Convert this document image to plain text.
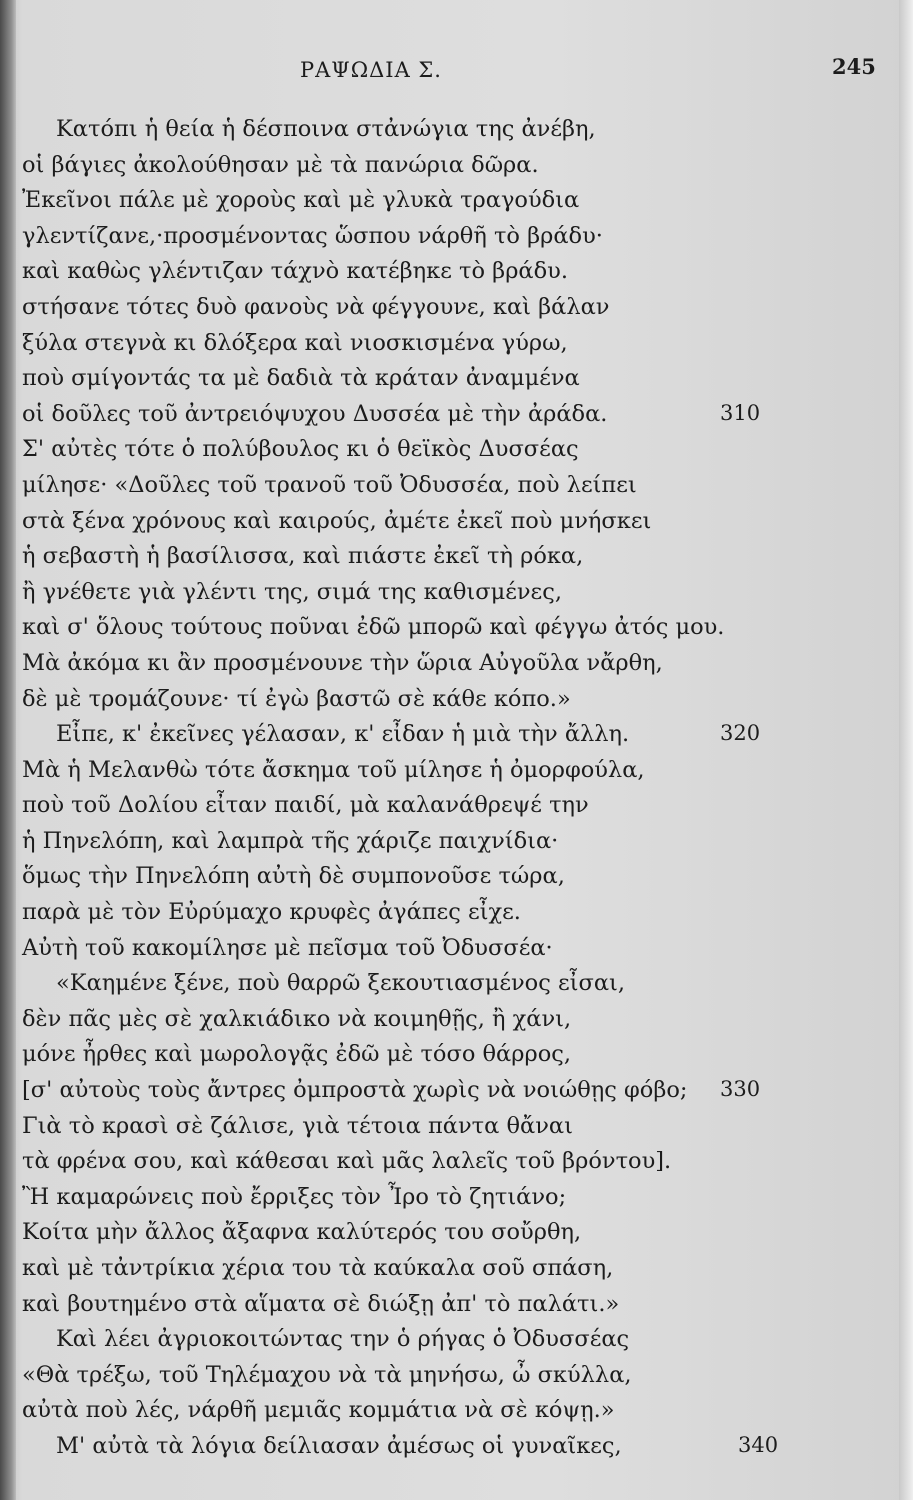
ΡΑΨΩΔΙΑ Σ.	245
Κατόπι ἡ θεία ἡ δέσποινα στἀνώγια της ἀνέβη,
οἱ βάγιες ἀκολούθησαν μὲ τὰ πανώρια δῶρα.
Ἐκεῖνοι πάλε μὲ χοροὺς καὶ μὲ γλυκὰ τραγούδια
γλεντίζανε,·προσμένοντας ὥσπου νάρθῆ τὸ βράδυ·
καὶ καθὼς γλέντιζαν τάχνὸ κατέβηκε τὸ βράδυ.
στήσανε τότες δυὸ φανοὺς νὰ φέγγουνε, καὶ βάλαν
ξύλα στεγνὰ κι δλόξερα καὶ νιοσκισμένα γύρω,
ποὺ σμίγοντάς τα μὲ δαδιὰ τὰ κράταν ἀναμμένα
οἱ δοῦλες τοῦ ἀντρειόψυχου Δυσσέα μὲ τὴν ἀράδα.
Σ' αὐτὲς τότε ὁ πολύβουλος κι ὁ θεϊκὸς Δυσσέας
μίλησε· «Δοῦλες τοῦ τρανοῦ τοῦ Ὀδυσσέα, ποὺ λείπει
στὰ ξένα χρόνους καὶ καιρούς, ἀμέτε ἐκεῖ ποὺ μνήσκει
ἡ σεβαστὴ ἡ βασίλισσα, καὶ πιάστε ἐκεῖ τὴ ρόκα,
ἢ γνέθετε γιὰ γλέντι της, σιμά της καθισμένες,
καὶ σ' ὅλους τούτους ποῦναι ἐδῶ μπορῶ καὶ φέγγω ἀτός μου.
Μὰ ἀκόμα κι ἂν προσμένουνε τὴν ὥρια Αὐγοῦλα νἄρθη,
δὲ μὲ τρομάζουνε· τί ἐγὼ βαστῶ σὲ κάθε κόπο.»
Εἶπε, κ' ἐκεῖνες γέλασαν, κ' εἶδαν ἡ μιὰ τὴν ἄλλη.
Μὰ ἡ Μελανθὼ τότε ἄσκημα τοῦ μίλησε ἡ ὀμορφούλα,
ποὺ τοῦ Δολίου εἶταν παιδί, μὰ καλανάθρεψέ την
ἡ Πηνελόπη, καὶ λαμπρὰ τῆς χάριζε παιχνίδια·
ὅμως τὴν Πηνελόπη αὐτὴ δὲ συμπονοῦσε τώρα,
παρὰ μὲ τὸν Εὐρύμαχο κρυφὲς ἀγάπες εἶχε.
Αὐτὴ τοῦ κακομίλησε μὲ πεῖσμα τοῦ Ὀδυσσέα·
«Καημένε ξένε, ποὺ θαρρῶ ξεκουτιασμένος εἶσαι,
δὲν πᾶς μὲς σὲ χαλκιάδικο νὰ κοιμηθῇς, ἢ χάνι,
μόνε ἦρθες καὶ μωρολογᾷς ἐδῶ μὲ τόσο θάρρος,
[σ' αὐτοὺς τοὺς ἄντρες ὀμπροστὰ χωρὶς νὰ νοιώθῃς φόβο;
Γιὰ τὸ κρασὶ σὲ ζάλισε, γιὰ τέτοια πάντα θἄναι
τὰ φρένα σου, καὶ κάθεσαι καὶ μᾶς λαλεῖς τοῦ βρόντου].
Ἢ καμαρώνεις ποὺ ἔρριξες τὸν Ἶρο τὸ ζητιάνο;
Κοίτα μὴν ἄλλος ἄξαφνα καλύτερός του σοὔρθη,
καὶ μὲ τἀντρίκια χέρια του τὰ καύκαλα σοῦ σπάση,
καὶ βουτημένο στὰ αἵματα σὲ διώξῃ ἀπ' τὸ παλάτι.»
Καὶ λέει ἀγριοκοιτώντας την ὁ ρήγας ὁ Ὀδυσσέας
«Θὰ τρέξω, τοῦ Τηλέμαχου νὰ τὰ μηνήσω, ὦ σκύλλα,
αὐτὰ ποὺ λές, νάρθῆ μεμιᾶς κομμάτια νὰ σὲ κόψῃ.»
Μ' αὐτὰ τὰ λόγια δείλιασαν ἀμέσως οἱ γυναῖκες,
310
320
330
340
